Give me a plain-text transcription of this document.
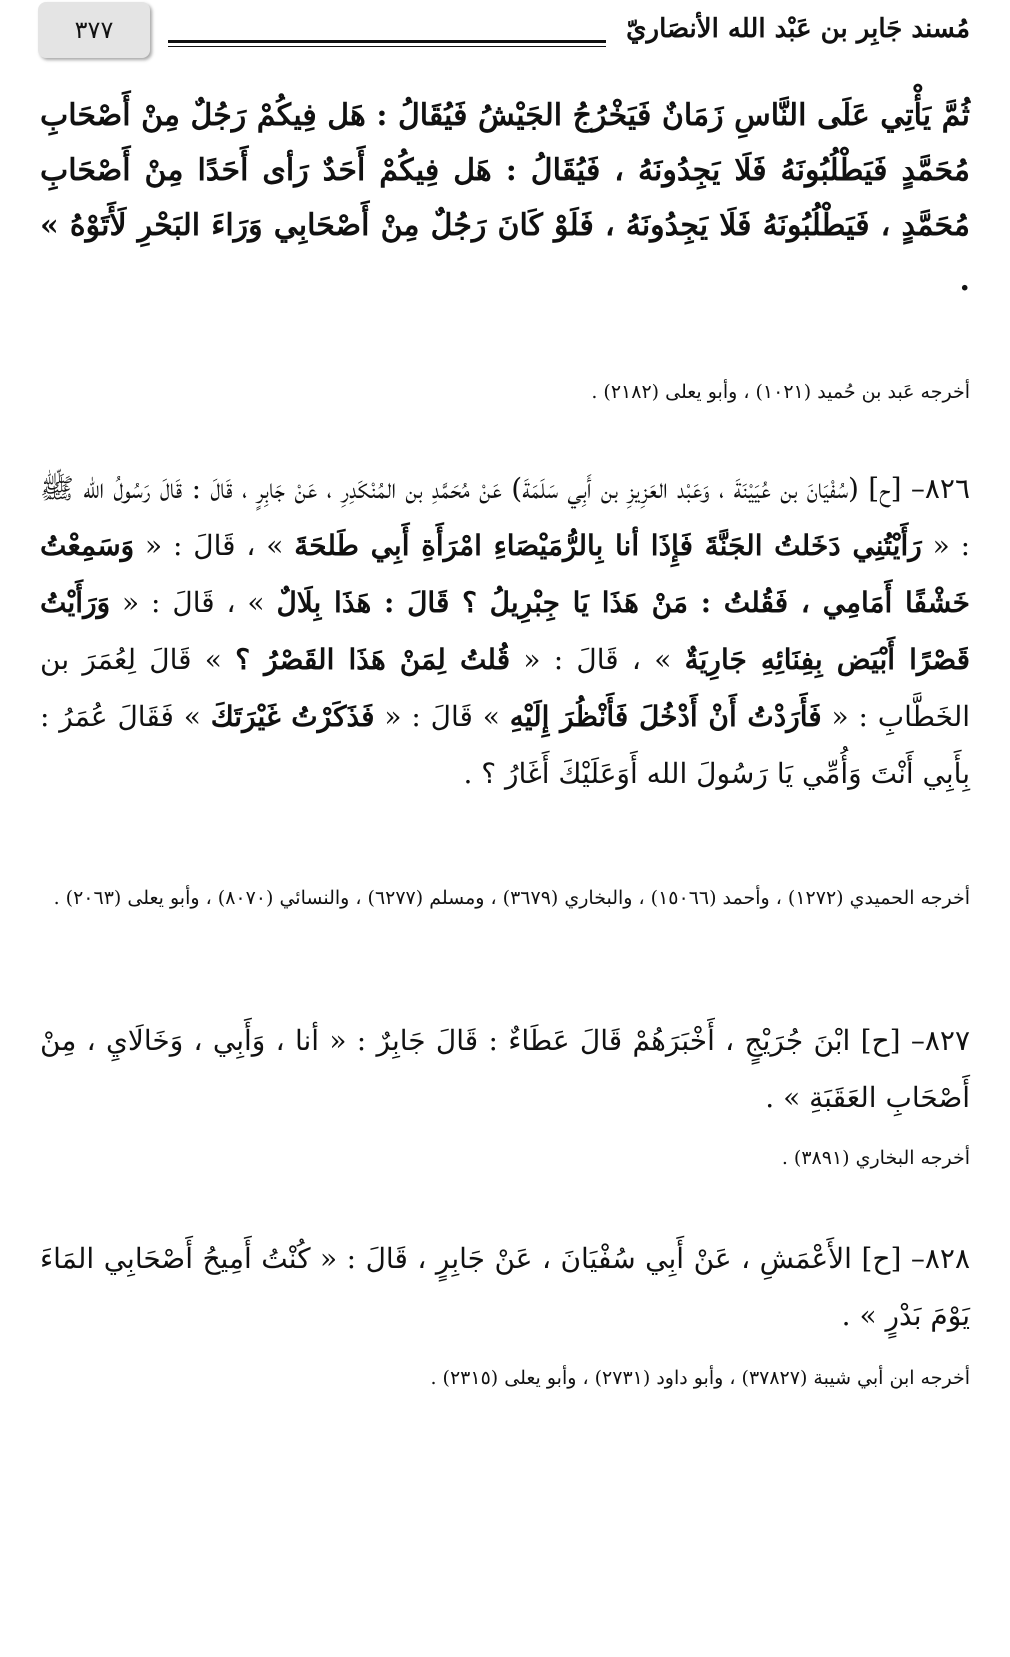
٣٧٧	مُسند جَابِر بن عَبْد الله الأنصَاريّ
ثُمَّ يَأْتِي عَلَى النَّاسِ زَمَانٌ فَيَخْرُجُ الجَيْشُ فَيُقَالُ : هَل فِيكُمْ رَجُلٌ مِنْ أَصْحَابِ مُحَمَّدٍ فَيَطْلُبُونَهُ فَلَا يَجِدُونَهُ ، فَيُقَالُ : هَل فِيكُمْ أَحَدٌ رَأى أَحَدًا مِنْ أَصْحَابِ مُحَمَّدٍ ، فَيَطْلُبُونَهُ فَلَا يَجِدُونَهُ ، فَلَوْ كَانَ رَجُلٌ مِنْ أَصْحَابِي وَرَاءَ البَحْرِ لَأَتَوْهُ » .
أخرجه عَبد بن حُميد (١٠٢١) ، وأبو يعلى (٢١٨٢) .
٨٢٦– [ح] (سُفْيَانَ بن عُيَيْنَةَ ، وَعَبْد العَزِيزِ بن أَبِي سَلَمَةَ) عَنْ مُحَمَّدِ بن المُنْكَدِرِ ، عَنْ جَابِرٍ ، قَالَ : قَالَ رَسُولُ الله ﷺ : « رَأَيْتُنِي دَخَلتُ الجَنَّةَ فَإِذَا أنا بِالرُّمَيْصَاءِ امْرَأَةِ أَبِي طَلحَةَ » ، قَالَ : « وَسَمِعْتُ خَشْفًا أَمَامِي ، فَقُلتُ : مَنْ هَذَا يَا جِبْرِيلُ ؟ قَالَ : هَذَا بِلَالٌ » ، قَالَ : « وَرَأَيْتُ قَصْرًا أَبْيَض بِفِنَائِهِ جَارِيَةٌ » ، قَالَ : « قُلتُ لِمَنْ هَذَا القَصْرُ ؟ » قَالَ لِعُمَرَ بن الخَطَّابِ : « فَأَرَدْتُ أَنْ أَدْخُلَ فَأَنْظُرَ إِلَيْهِ » قَالَ : « فَذَكَرْتُ غَيْرَتَكَ » فَقَالَ عُمَرُ : بِأَبِي أَنْتَ وَأُمِّي يَا رَسُولَ الله أَوَعَلَيْكَ أَغَارُ ؟ .
أخرجه الحميدي (١٢٧٢) ، وأحمد (١٥٠٦٦) ، والبخاري (٣٦٧٩) ، ومسلم (٦٢٧٧) ، والنسائي (٨٠٧٠) ، وأبو يعلى (٢٠٦٣) .
٨٢٧– [ح] ابْنَ جُرَيْجٍ ، أَخْبَرَهُمْ قَالَ عَطَاءٌ : قَالَ جَابِرٌ : « أنا ، وَأَبِي ، وَخَالَايِ ، مِنْ أَصْحَابِ العَقَبَةِ » .
أخرجه البخاري (٣٨٩١) .
٨٢٨– [ح] الأَعْمَشِ ، عَنْ أَبِي سُفْيَانَ ، عَنْ جَابِرٍ ، قَالَ : « كُنْتُ أَمِيحُ أَصْحَابِي المَاءَ يَوْمَ بَدْرٍ » .
أخرجه ابن أبي شيبة (٣٧٨٢٧) ، وأبو داود (٢٧٣١) ، وأبو يعلى (٢٣١٥) .
